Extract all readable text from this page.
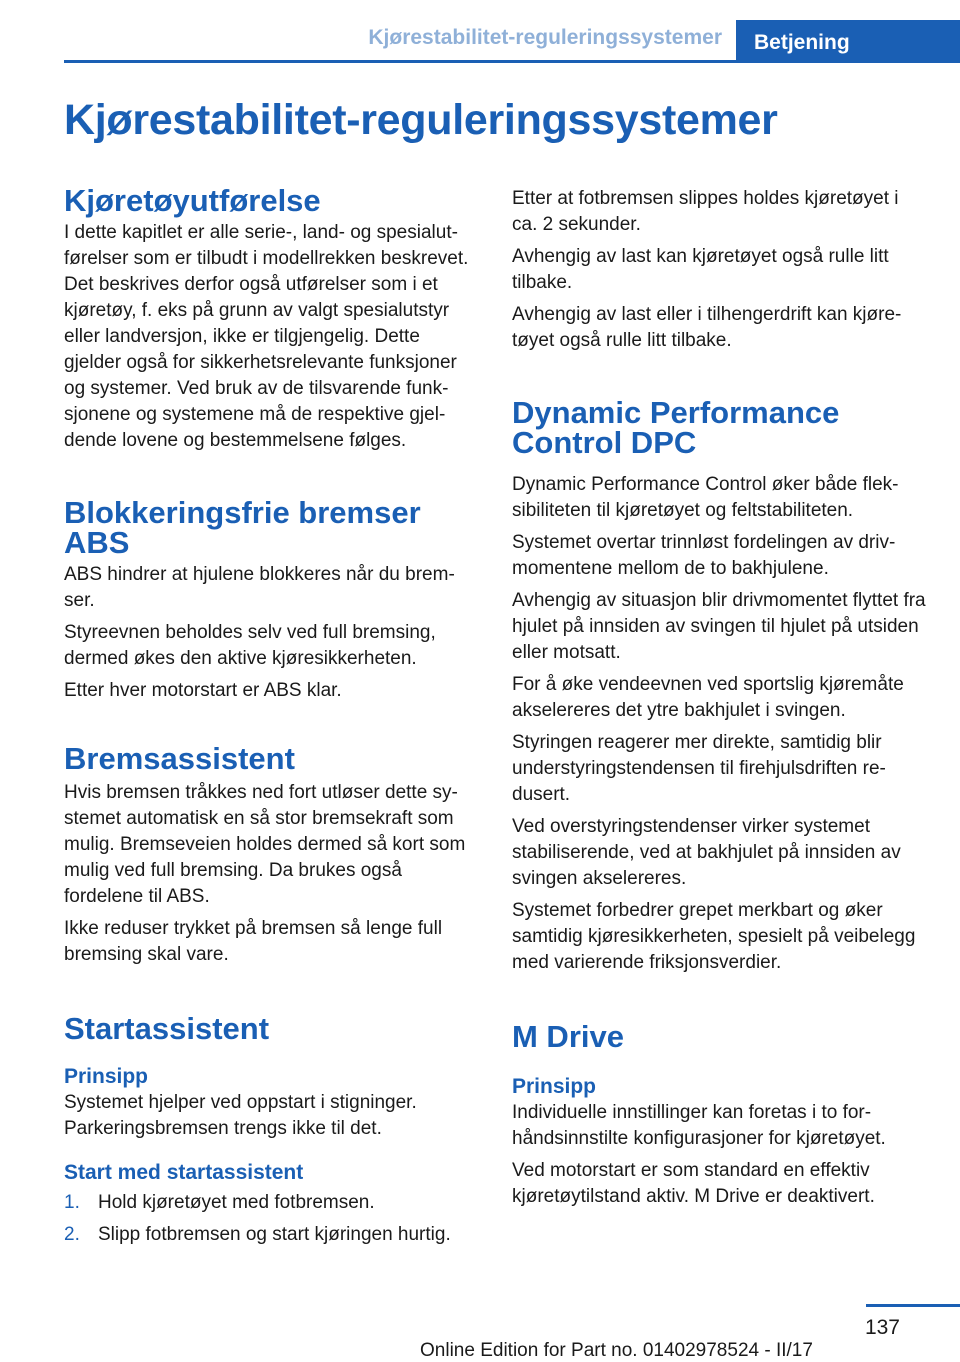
Kjørestabilitet-reguleringssystemer	Betjening
Kjørestabilitet-reguleringssystemer
Kjøretøyutførelse

I dette kapitlet er alle serie-, land- og spesialutførelser som er tilbudt i modellrekken beskrevet. Det beskrives derfor også utførelser som i et kjøretøy, f. eks på grunn av valgt spesialutstyr eller landversjon, ikke er tilgjengelig. Dette gjelder også for sikkerhetsrelevante funksjoner og systemer. Ved bruk av de tilsvarende funksjonene og systemene må de respektive gjeldende lovene og bestemmelsene følges.

Blokkeringsfrie bremser ABS

ABS hindrer at hjulene blokkeres når du bremser.

Styreevnen beholdes selv ved full bremsing, dermed økes den aktive kjøresikkerheten.

Etter hver motorstart er ABS klar.

Bremsassistent

Hvis bremsen tråkkes ned fort utløser dette systemet automatisk en så stor bremsekraft som mulig. Bremseveien holdes dermed så kort som mulig ved full bremsing. Da brukes også fordelene til ABS.

Ikke reduser trykket på bremsen så lenge full bremsing skal vare.

Startassistent
Prinsipp

Systemet hjelper ved oppstart i stigninger. Parkeringsbremsen trengs ikke til det.

Start med startassistent
1. Hold kjøretøyet med fotbremsen.
2. Slipp fotbremsen og start kjøringen hurtig.

Etter at fotbremsen slippes holdes kjøretøyet i ca. 2 sekunder.

Avhengig av last kan kjøretøyet også rulle litt tilbake.

Avhengig av last eller i tilhengerdrift kan kjøretøyet også rulle litt tilbake.

Dynamic Performance Control DPC

Dynamic Performance Control øker både fleksibiliteten til kjøretøyet og feltstabiliteten.

Systemet overtar trinnløst fordelingen av drivmomentene mellom de to bakhjulene.

Avhengig av situasjon blir drivmomentet flyttet fra hjulet på innsiden av svingen til hjulet på utsiden eller motsatt.

For å øke vendeevnen ved sportslig kjøremåte akselereres det ytre bakhjulet i svingen.

Styringen reagerer mer direkte, samtidig blir understyringstendensen til firehjulsdriften redusert.

Ved overstyringstendenser virker systemet stabiliserende, ved at bakhjulet på innsiden av svingen akselereres.

Systemet forbedrer grepet merkbart og øker samtidig kjøresikkerheten, spesielt på veibelegg med varierende friksjonsverdier.

M Drive
Prinsipp

Individuelle innstillinger kan foretas i to forhåndsinnstilte konfigurasjoner for kjøretøyet.

Ved motorstart er som standard en effektiv kjøretøytilstand aktiv. M Drive er deaktivert.

137
Online Edition for Part no. 01402978524 - II/17
